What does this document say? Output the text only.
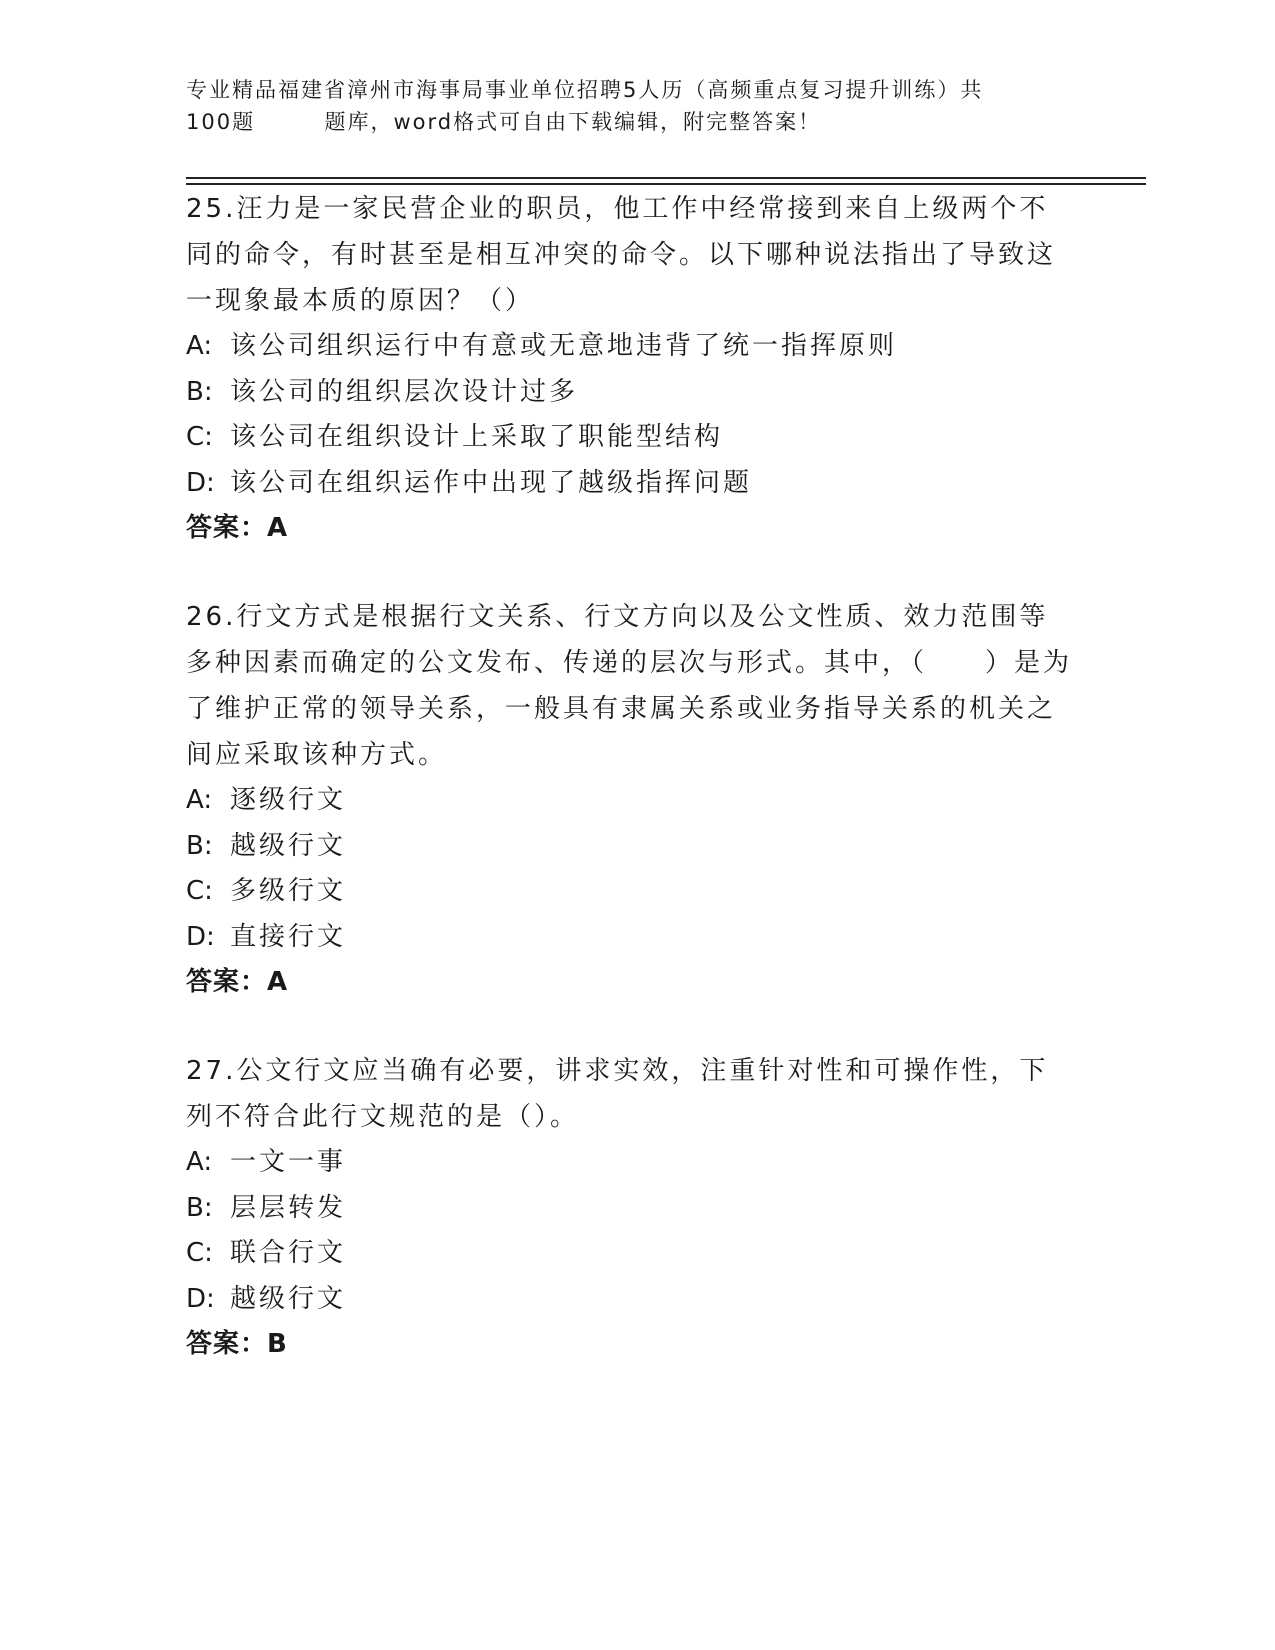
专业精品福建省漳州市海事局事业单位招聘5人历（高频重点复习提升训练）共
100题        题库，word格式可自由下载编辑，附完整答案！
25.汪力是一家民营企业的职员，他工作中经常接到来自上级两个不同的命令，有时甚至是相互冲突的命令。以下哪种说法指出了导致这一现象最本质的原因？（）
A: 该公司组织运行中有意或无意地违背了统一指挥原则
B: 该公司的组织层次设计过多
C: 该公司在组织设计上采取了职能型结构
D: 该公司在组织运作中出现了越级指挥问题
答案：A
26.行文方式是根据行文关系、行文方向以及公文性质、效力范围等多种因素而确定的公文发布、传递的层次与形式。其中，（　　）是为了维护正常的领导关系，一般具有隶属关系或业务指导关系的机关之间应采取该种方式。
A: 逐级行文
B: 越级行文
C: 多级行文
D: 直接行文
答案：A
27.公文行文应当确有必要，讲求实效，注重针对性和可操作性，下列不符合此行文规范的是（）。
A: 一文一事
B: 层层转发
C: 联合行文
D: 越级行文
答案：B
